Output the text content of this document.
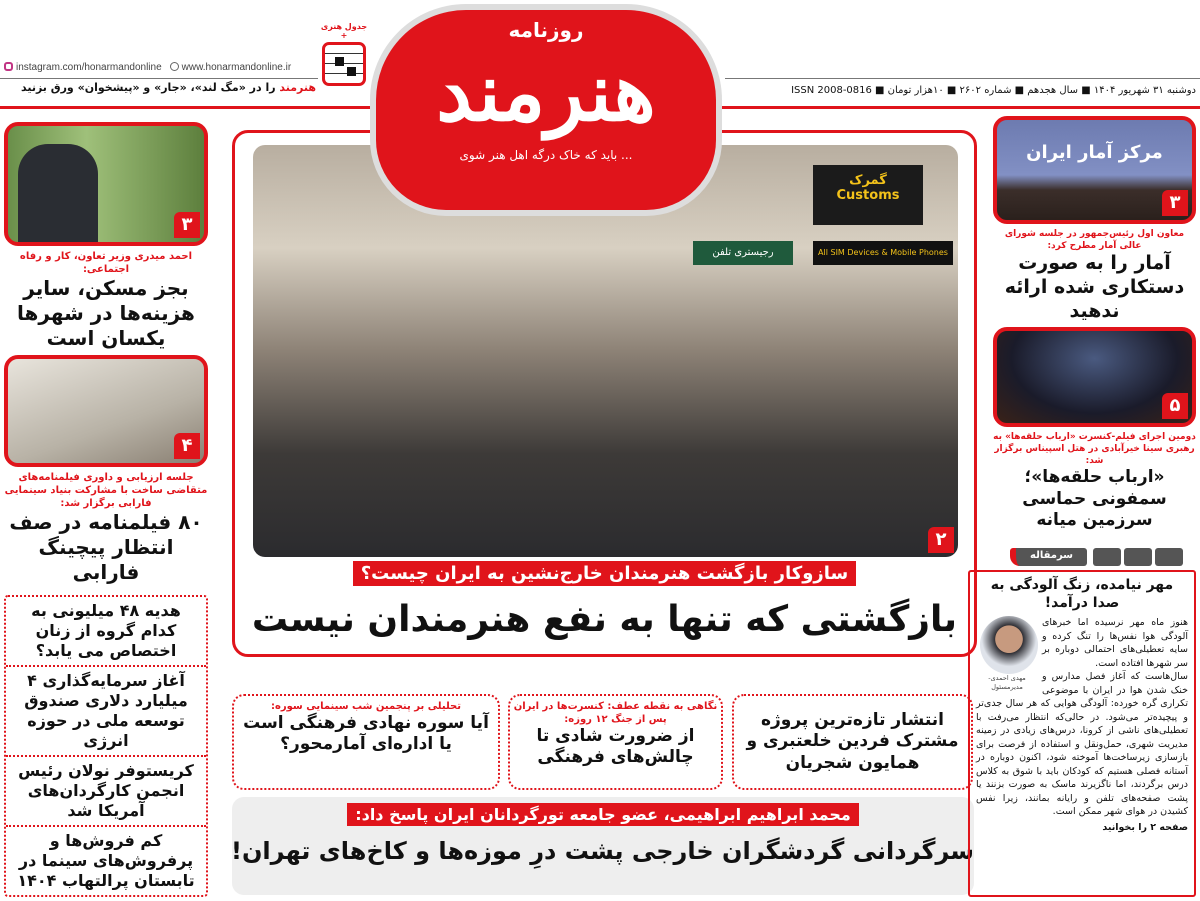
instagram.com/honarmandonline	www.honarmandonline.ir
هنرمند را در «مگ لند»، «جار» و «پیشخوان» ورق بزنید
جدول هنری +	روزنامه
هنرمند
... باید که خاک درگه اهل هنر شوی
دوشنبه ۳۱ شهریور ۱۴۰۴ ■ سال هجدهم ■ شماره ۲۶۰۲ ■ ۱۰هزار تومان ■ ISSN 2008-0816
۳
احمد میدری وزیر تعاون، کار و رفاه اجتماعی:
بجز مسکن، سایر هزینه‌ها در شهرها یکسان است
۴
جلسه ارزیابی و داوری فیلمنامه‌های متقاضی ساخت با مشارکت بنیاد سینمایی فارابی برگزار شد:
۸۰ فیلمنامه در صف انتظار پیچینگ فارابی
هدیه ۴۸ میلیونی به کدام گروه از زنان اختصاص می یابد؟
آغاز سرمایه‌گذاری ۴ میلیارد دلاری صندوق توسعه ملی در حوزه انرژی
کریستوفر نولان رئیس انجمن کارگردان‌های آمریکا شد
کم فروش‌ها و پرفروش‌های سینما در تابستان پرالتهاب ۱۴۰۴
گمرک
Customs
رجیستری تلفن	All SIM Devices & Mobile Phones
۲
سازوکار بازگشت هنرمندان خارج‌نشین به ایران چیست؟
بازگشتی که تنها به نفع هنرمندان نیست
انتشار تازه‌ترین پروژه مشترک فردین خلعتبری و همایون شجریان
نگاهی به نقطه عطف: کنسرت‌ها در ایران پس از جنگ ۱۲ روزه:
از ضرورت شادی تا چالش‌های فرهنگی
تحلیلی بر پنجمین شب سینمایی سوره:
آیا سوره نهادی فرهنگی است یا اداره‌ای آمارمحور؟
محمد ابراهیم ابراهیمی، عضو جامعه تورگردانان ایران پاسخ داد:
سرگردانی گردشگران خارجی پشت درِ موزه‌ها و کاخ‌های تهران!
مرکز آمار ایران
۳
معاون اول رئیس‌جمهور در جلسه شورای عالی آمار مطرح کرد:
آمار را به صورت دستکاری شده ارائه ندهید
۵
دومین اجرای فیلم-کنسرت «ارباب حلقه‌ها» به رهبری سینا خیرآبادی در هتل اسپیناس برگزار شد:
«ارباب حلقه‌ها»؛ سمفونی حماسی سرزمین میانه
سرمقاله
مهر نیامده، زنگ آلودگی به صدا درآمد!
مهدی احمدی- مدیرمسئول

هنوز ماه مهر نرسیده اما خبرهای آلودگی هوا نفس‌ها را تنگ کرده و سایه تعطیلی‌های احتمالی دوباره بر سر شهرها افتاده است.

سال‌هاست که آغاز فصل مدارس و خنک شدن هوا در ایران با موضوعی تکراری گره خورده: آلودگی هوایی که هر سال جدی‌تر و پیچیده‌تر می‌شود. در حالی‌که انتظار می‌رفت با تعطیلی‌های ناشی از کرونا، درس‌های زیادی در زمینه مدیریت شهری، حمل‌ونقل و استفاده از فرصت برای بازسازی زیرساخت‌ها آموخته شود، اکنون دوباره در آستانه فصلی هستیم که کودکان باید با شوق به کلاس درس برگردند، اما ناگزیرند ماسک به صورت بزنند یا پشت صفحه‌های تلفن و رایانه بمانند، زیرا نفس کشیدن در هوای شهر ممکن است.

صفحه ۲ را بخوانید
